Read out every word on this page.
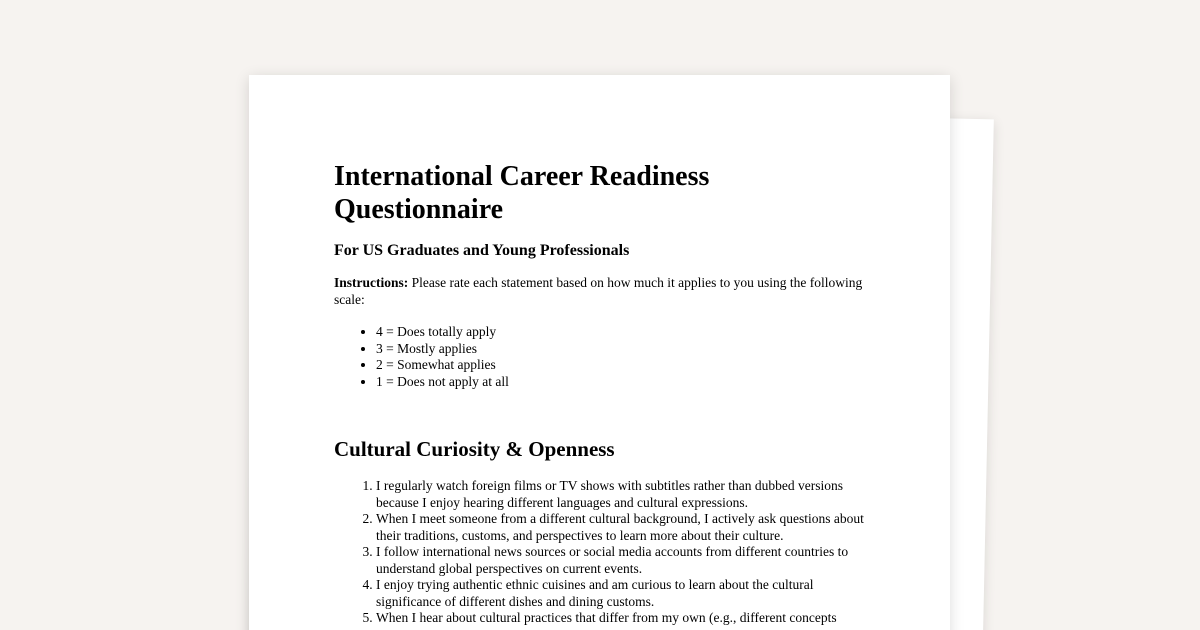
International Career Readiness Questionnaire
For US Graduates and Young Professionals

Instructions: Please rate each statement based on how much it applies to you using the following scale:

• 4 = Does totally apply
• 3 = Mostly applies
• 2 = Somewhat applies
• 1 = Does not apply at all
Cultural Curiosity & Openness
1. I regularly watch foreign films or TV shows with subtitles rather than dubbed versions because I enjoy hearing different languages and cultural expressions.
2. When I meet someone from a different cultural background, I actively ask questions about their traditions, customs, and perspectives to learn more about their culture.
3. I follow international news sources or social media accounts from different countries to understand global perspectives on current events.
4. I enjoy trying authentic ethnic cuisines and am curious to learn about the cultural significance of different dishes and dining customs.
5. When I hear about cultural practices that differ from my own (e.g., different concepts
